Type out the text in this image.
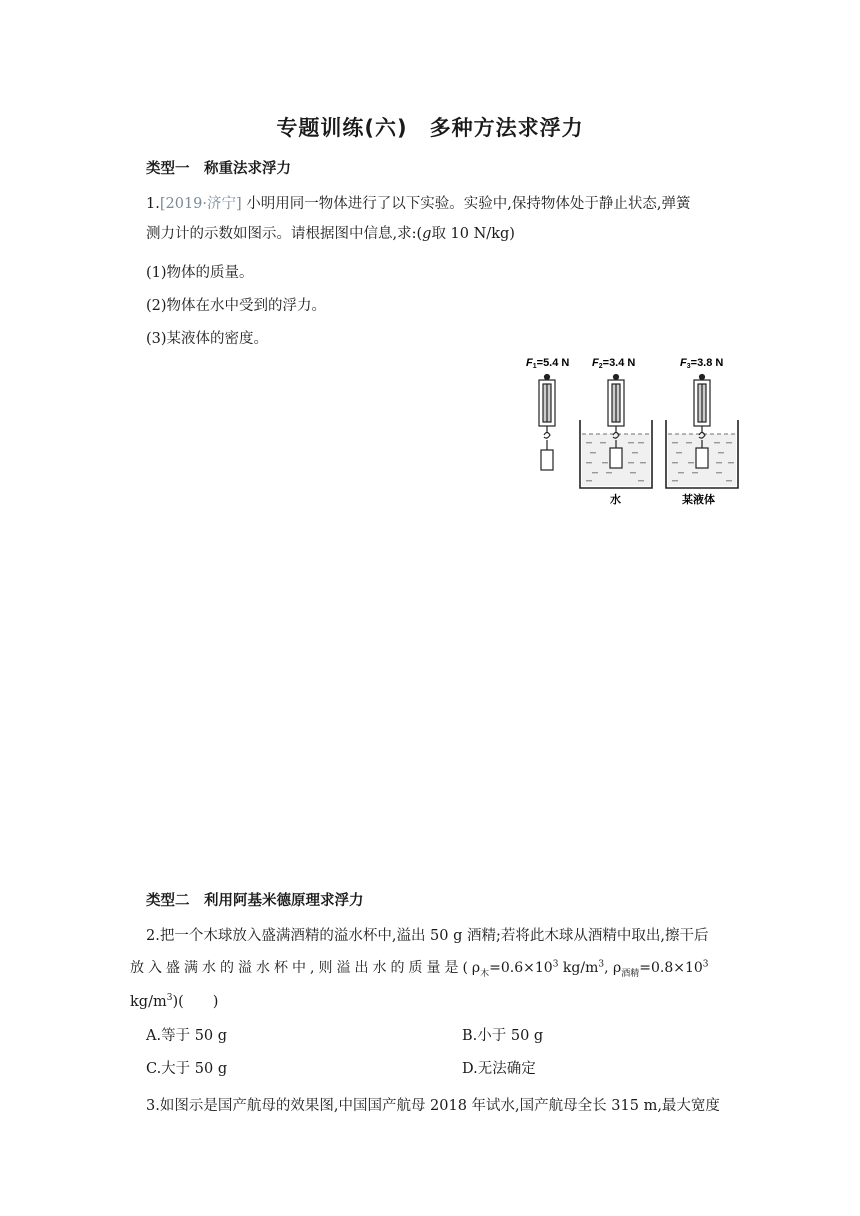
专题训练(六)　多种方法求浮力
类型一　称重法求浮力
1.[2019·济宁] 小明用同一物体进行了以下实验。实验中,保持物体处于静止状态,弹簧
测力计的示数如图示。请根据图中信息,求:(g取 10 N/kg)
(1)物体的质量。
(2)物体在水中受到的浮力。
(3)某液体的密度。
F1=5.4 N F2=3.4 N	F3=3.8 N
水	某液体
类型二　利用阿基米德原理求浮力
2.把一个木球放入盛满酒精的溢水杯中,溢出 50 g 酒精;若将此木球从酒精中取出,擦干后
放入盛满水的溢水杯中,则溢出水的质量是($\rho_木=0.6\times 10^3$ $kg/m^3$, $\rho_{酒精}=0.8\times 10^3$
$kg/m^3$)(　　)
A.等于 50 g	B.小于 50 g
C.大于 50 g	D.无法确定
3.如图示是国产航母的效果图,中国国产航母 2018 年试水,国产航母全长 315 m,最大宽度
